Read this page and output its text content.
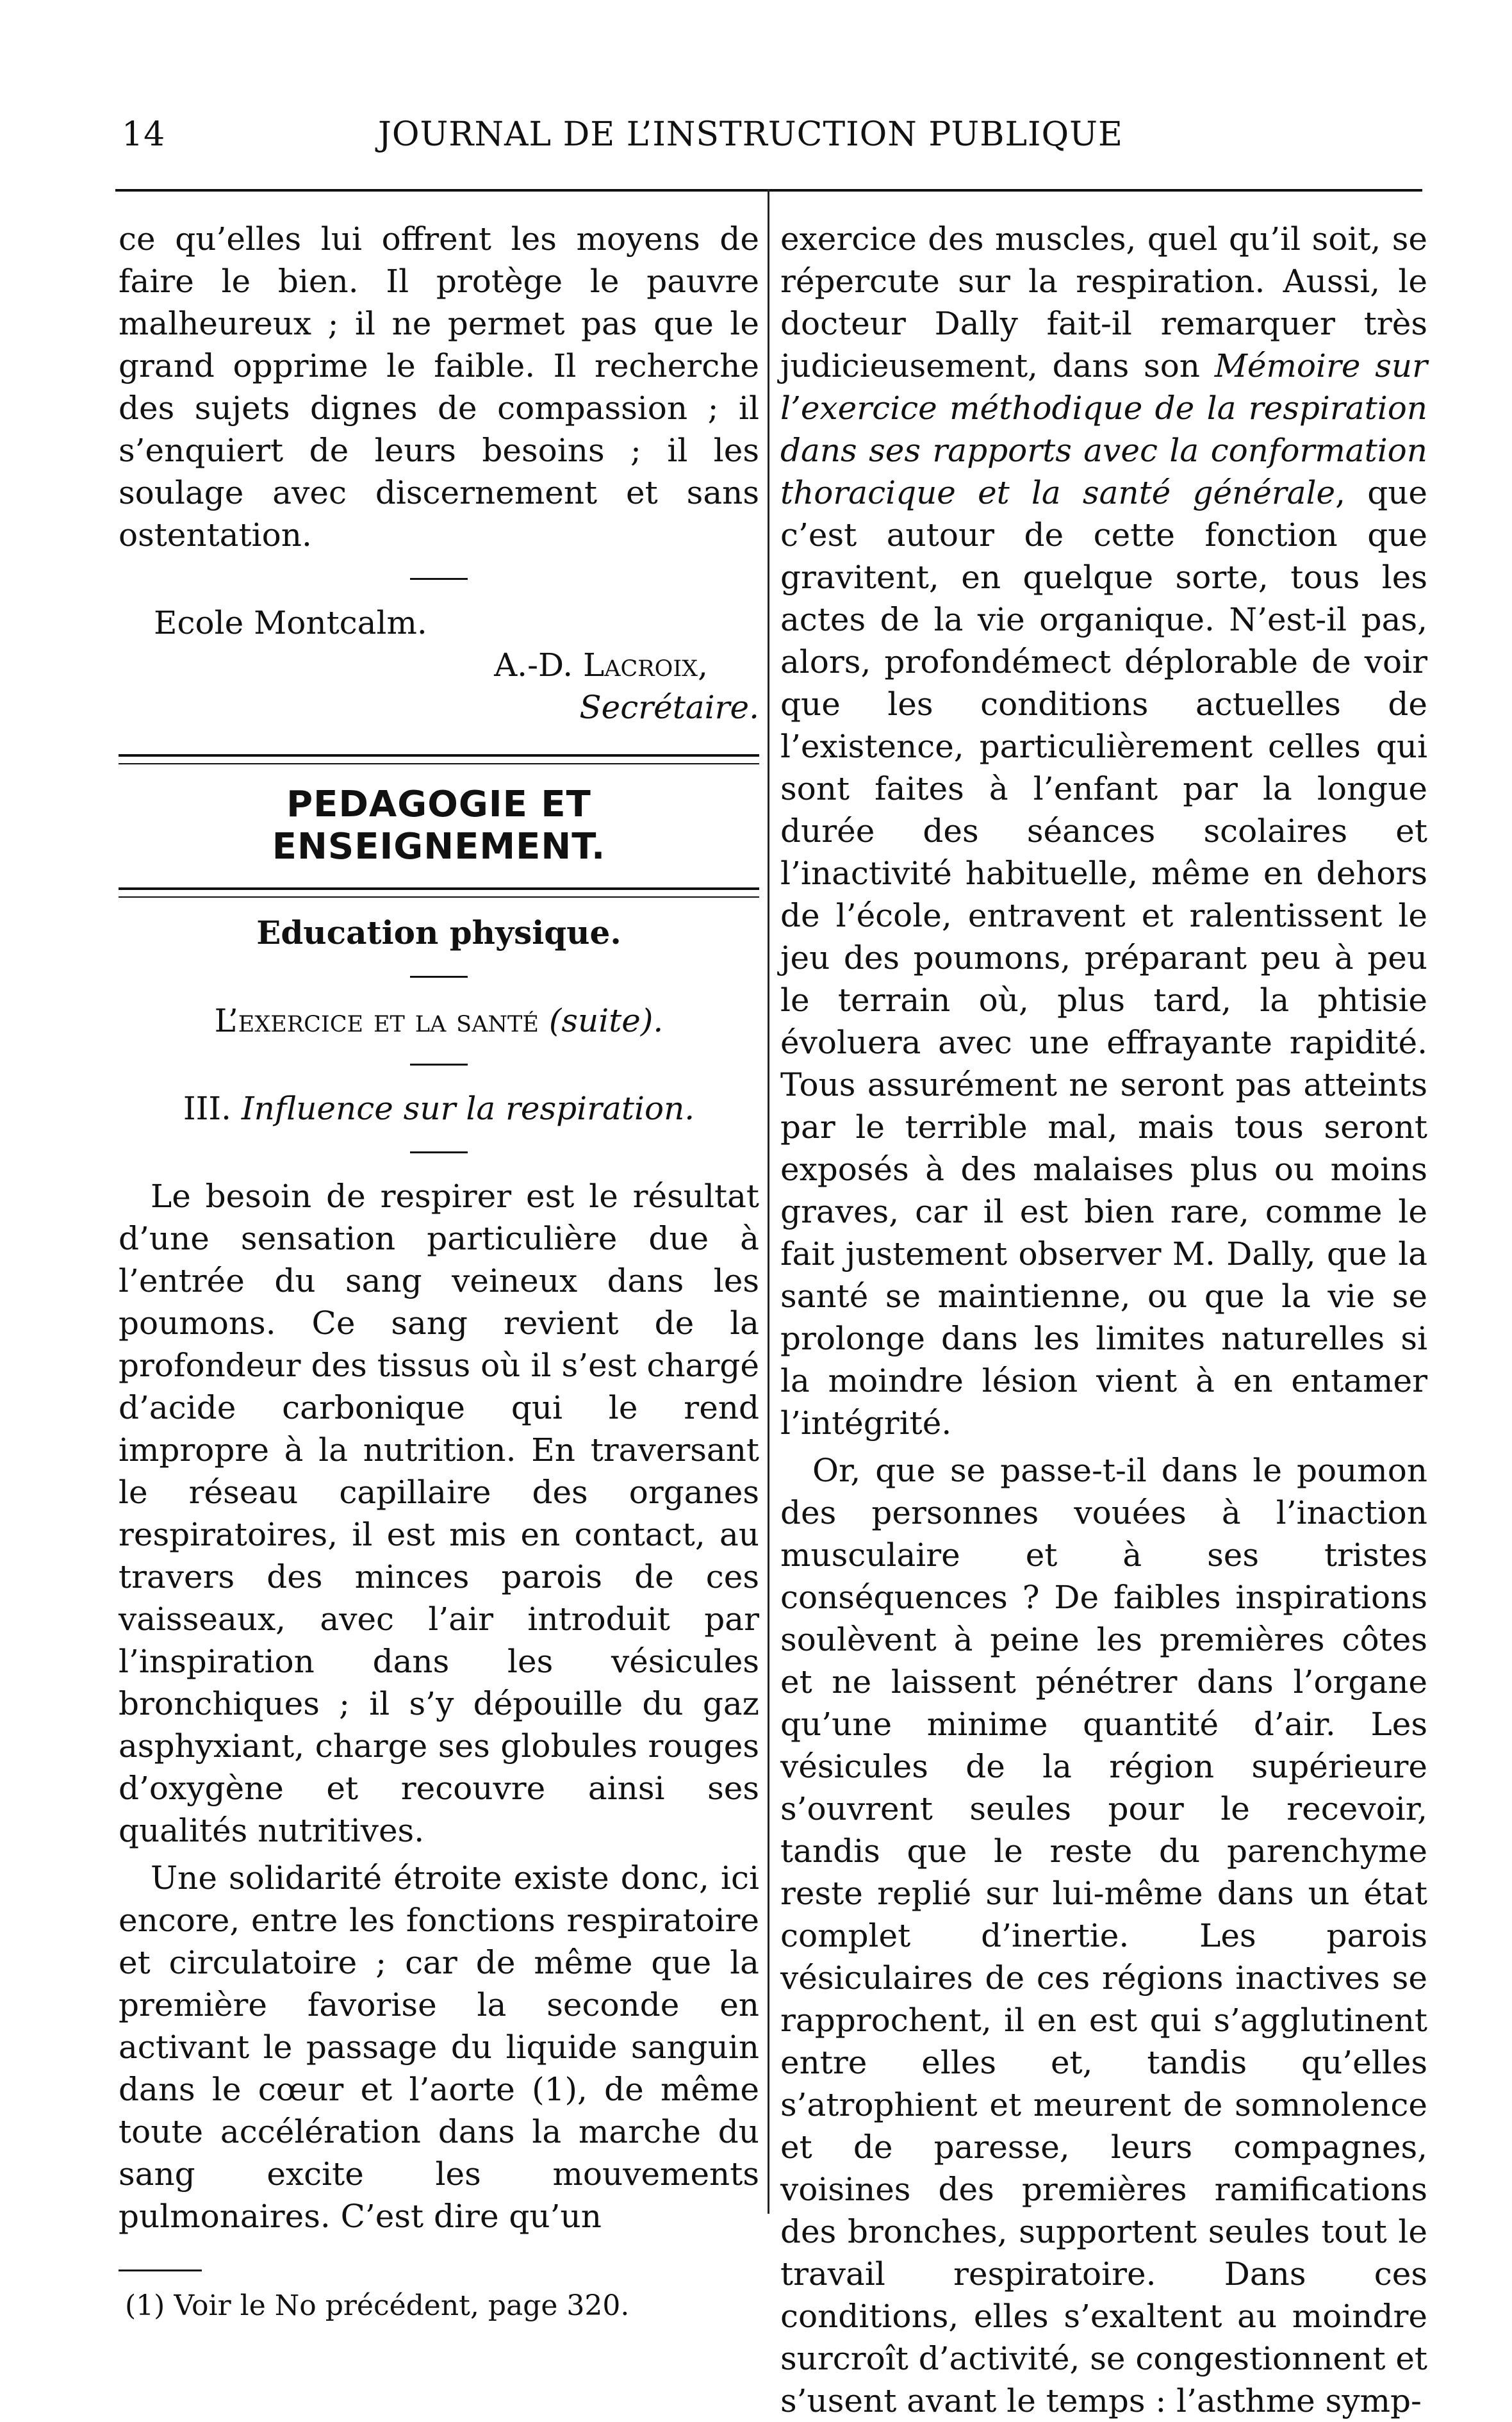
14	JOURNAL DE L’INSTRUCTION PUBLIQUE

ce qu’elles lui offrent les moyens de faire le bien. Il protège le pauvre malheureux ; il ne permet pas que le grand opprime le faible. Il recherche des sujets dignes de compassion ; il s’enquiert de leurs besoins ; il les soulage avec discernement et sans ostentation.

Ecole Montcalm.

A.-D. Lacroix,

Secrétaire.

PEDAGOGIE ET ENSEIGNEMENT.

Education physique.

L’exercice et la santé (suite).

III. Influence sur la respiration.

Le besoin de respirer est le résultat d’une sensation particulière due à l’entrée du sang veineux dans les poumons. Ce sang revient de la profondeur des tissus où il s’est chargé d’acide carbonique qui le rend impropre à la nutrition. En traversant le réseau capillaire des organes respiratoires, il est mis en contact, au travers des minces parois de ces vaisseaux, avec l’air introduit par l’inspiration dans les vésicules bronchiques ; il s’y dépouille du gaz asphyxiant, charge ses globules rouges d’oxygène et recouvre ainsi ses qualités nutritives.

Une solidarité étroite existe donc, ici encore, entre les fonctions respiratoire et circulatoire ; car de même que la première favorise la seconde en activant le passage du liquide sanguin dans le cœur et l’aorte (1), de même toute accélération dans la marche du sang excite les mouvements pulmonaires. C’est dire qu’un

(1) Voir le No précédent, page 320.

exercice des muscles, quel qu’il soit, se répercute sur la respiration. Aussi, le docteur Dally fait-il remarquer très judicieusement, dans son Mémoire sur l’exercice méthodique de la respiration dans ses rapports avec la conformation thoracique et la santé générale, que c’est autour de cette fonction que gravitent, en quelque sorte, tous les actes de la vie organique. N’est-il pas, alors, profondémect déplorable de voir que les conditions actuelles de l’existence, particulièrement celles qui sont faites à l’enfant par la longue durée des séances scolaires et l’inactivité habituelle, même en dehors de l’école, entravent et ralentissent le jeu des poumons, préparant peu à peu le terrain où, plus tard, la phtisie évoluera avec une effrayante rapidité. Tous assurément ne seront pas atteints par le terrible mal, mais tous seront exposés à des malaises plus ou moins graves, car il est bien rare, comme le fait justement observer M. Dally, que la santé se maintienne, ou que la vie se prolonge dans les limites naturelles si la moindre lésion vient à en entamer l’intégrité.

Or, que se passe-t-il dans le poumon des personnes vouées à l’inaction musculaire et à ses tristes conséquences ? De faibles inspirations soulèvent à peine les premières côtes et ne laissent pénétrer dans l’organe qu’une minime quantité d’air. Les vésicules de la région supérieure s’ouvrent seules pour le recevoir, tandis que le reste du parenchyme reste replié sur lui-même dans un état complet d’inertie. Les parois vésiculaires de ces régions inactives se rapprochent, il en est qui s’agglutinent entre elles et, tandis qu’elles s’atrophient et meurent de somnolence et de paresse, leurs compagnes, voisines des premières ramifications des bronches, supportent seules tout le travail respiratoire. Dans ces conditions, elles s’exaltent au moindre surcroît d’activité, se congestionnent et s’usent avant le temps : l’asthme symp-
